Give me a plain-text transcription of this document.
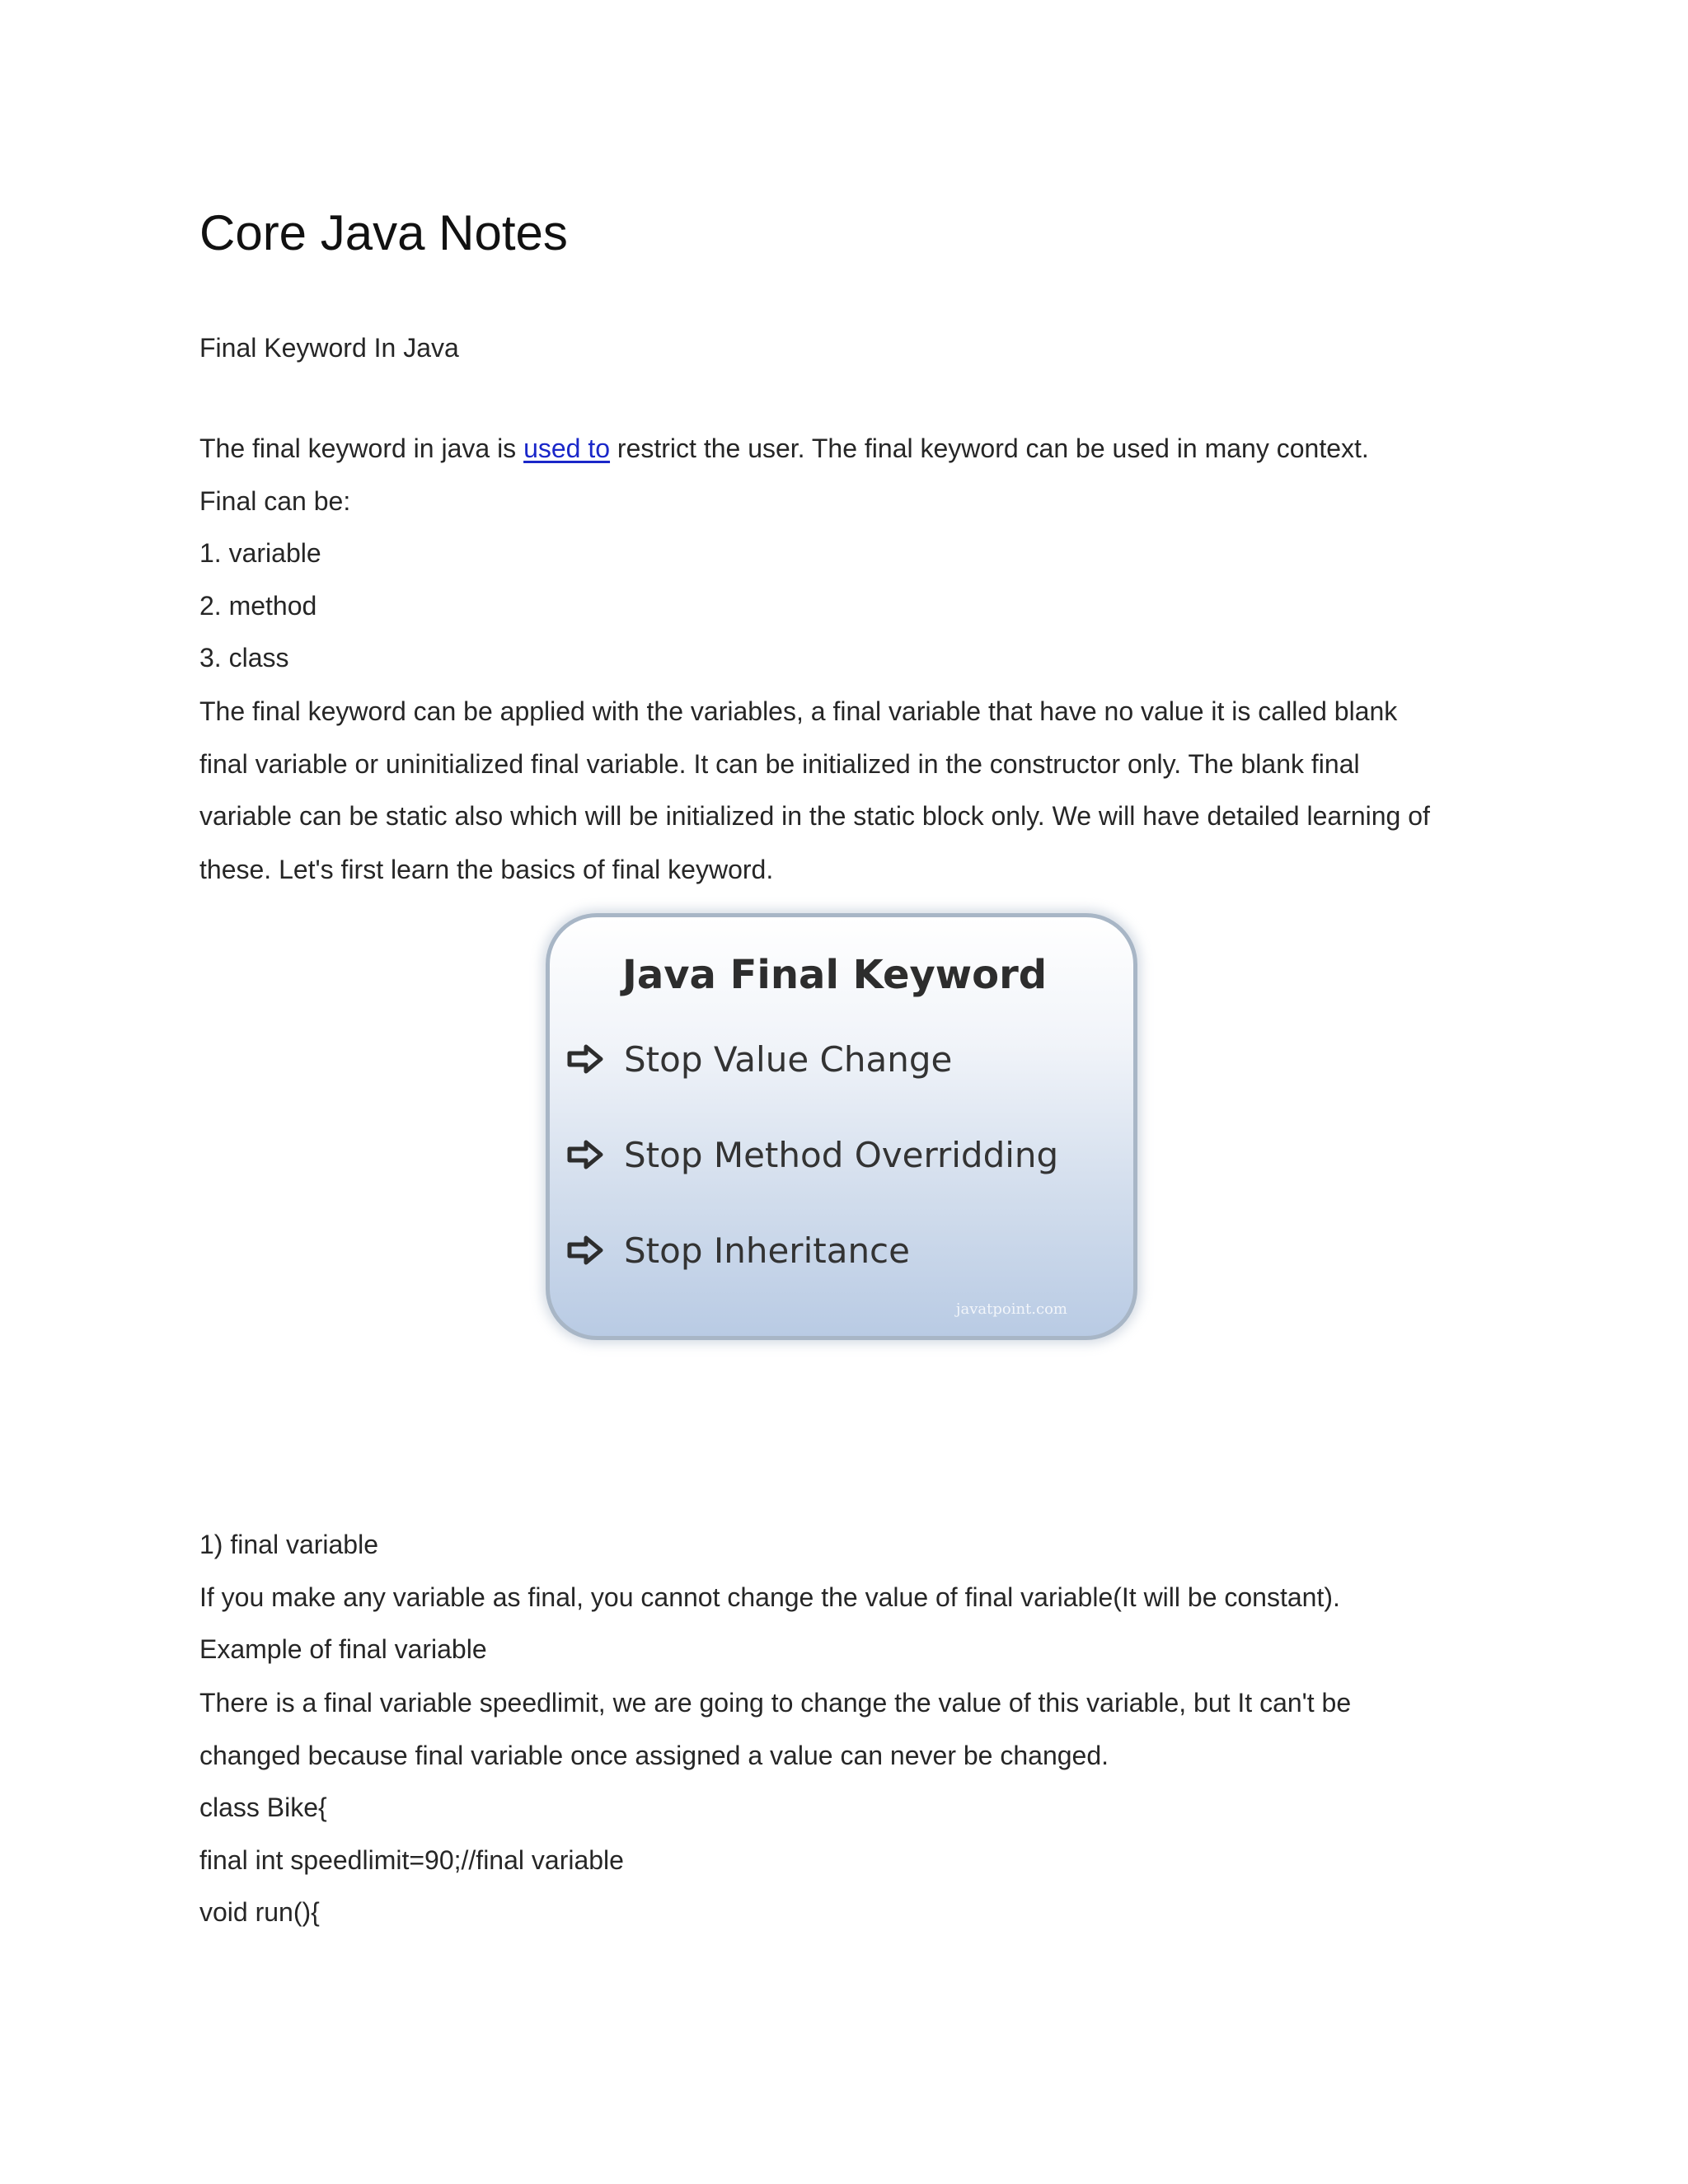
Core Java Notes
Final Keyword In Java
The final keyword in java is used to restrict the user. The final keyword can be used in many context.
Final can be:
1. variable
2. method
3. class
The final keyword can be applied with the variables, a final variable that have no value it is called blank
final variable or uninitialized final variable. It can be initialized in the constructor only. The blank final
variable can be static also which will be initialized in the static block only. We will have detailed learning of
these. Let's first learn the basics of final keyword.
Java Final Keyword
Stop Value Change
Stop Method Overridding
Stop Inheritance
javatpoint.com
1) final variable
If you make any variable as final, you cannot change the value of final variable(It will be constant).
Example of final variable
There is a final variable speedlimit, we are going to change the value of this variable, but It can't be
changed because final variable once assigned a value can never be changed.
class Bike{
final int speedlimit=90;//final variable
void run(){
